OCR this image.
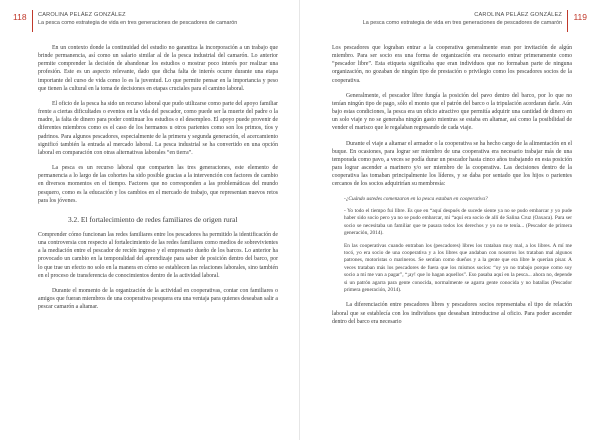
118 CAROLINA PELÁEZ GONZÁLEZ
La pesca como estrategia de vida en tres generaciones de pescadores de camarón

En un contexto donde la continuidad del estudio no garantiza la incorporación a un trabajo que brinde permanencia, así como un salario similar al de la pesca industrial del camarón. Lo anterior permite comprender la decisión de abandonar los estudios o mostrar poco interés por realizar una profesión. Este es un aspecto relevante, dado que dicha falta de interés ocurre durante una etapa importante del curso de vida como lo es la juventud. Lo que permite pensar en la importancia y peso que tienen la cultural en la toma de decisiones en etapas cruciales para el camino laboral.

El oficio de la pesca ha sido un recurso laboral que pudo utilizarse como parte del apoyo familiar frente a ciertas dificultades o eventos en la vida del pescador, como puede ser la muerte del padre o la madre, la falta de dinero para poder continuar los estudios o el desempleo. El apoyo puede provenir de diferentes miembros como es el caso de los hermanos u otros parientes como son los primos, tíos y padrinos. Para algunos pescadores, especialmente de la primera y segunda generación, el acercamiento significó también la entrada al mercado laboral. La pesca industrial se ha convertido en una opción laboral en comparación con otras alternativas laborales “en tierra”.

La pesca es un recurso laboral que comparten las tres generaciones, este elemento de permanencia a lo largo de las cohortes ha sido posible gracias a la intervención con factores de cambio en diversos momentos en el tiempo. Factores que no corresponden a las problemáticas del mundo pesquero, como es la educación y los cambios en el mercado de trabajo, que representan nuevos retos para los jóvenes.

3.2. El fortalecimiento de redes familiares de origen rural

Comprender cómo funcionan las redes familiares entre los pescadores ha permitido la identificación de una controversia con respecto al fortalecimiento de las redes familiares como medios de sobrevivientes a la mediación entre el pescador de recién ingreso y el empresario dueño de los barcos. Lo anterior ha provocado un cambio en la temporalidad del aprendizaje para saber de posición dentro del barco, por lo que trae un efecto no solo en la manera en cómo se establecen las relaciones laborales, sino también en el proceso de transferencia de conocimientos dentro de la actividad laboral.

Durante el momento de la organización de la actividad en cooperativas, contar con familiares o amigos que fueran miembros de una cooperativa pesquera era una ventaja para quienes deseaban salir a pescar camarón a altamar.

119
CAROLINA PELÁEZ GONZÁLEZ
La pesca como estrategia de vida en tres generaciones de pescadores de camarón

Los pescadores que lograban entrar a la cooperativa generalmente eran por invitación de algún miembro. Para ser socio era una forma de organización era necesario entrar primeramente como “pescador libre”. Esta etiqueta significaba que eran individuos que no formaban parte de ninguna organización, no gozaban de ningún tipo de prestación o privilegio como los pescadores socios de la cooperativa.

Generalmente, el pescador libre fungía la posición del pavo dentro del barco, por lo que no tenían ningún tipo de pago, sólo el monto que el patrón del barco o la tripulación acordaran darle. Aún bajo estas condiciones, la pesca era un oficio atractivo que permitía adquirir una cantidad de dinero en un solo viaje y no se generaba ningún gasto mientras se estaba en altamar, así como la posibilidad de vender el marisco que le regalaban regresando de cada viaje.

Durante el viaje a altamar el armador o la cooperativa se ha hecho cargo de la alimentación en el buque. En ocasiones, para lograr ser miembro de una cooperativa era necesario trabajar más de una temporada como pavo, a veces se podía durar un pescador hasta cinco años trabajando en esta posición para lograr ascender a marinero y/o ser miembro de la cooperativa. Las decisiones dentro de la cooperativa las tomaban principalmente los líderes, y se daba por sentado que los hijos o parientes cercanos de los socios adquirirían su membresía:

-¿Cuándo ustedes comenzaron en la pesca estaban en cooperativa?

- Yo todo el tiempo fui libre. Es que en “aquí después de sucede siente ya no se pudo embarcar y yo pude haber sido socio pero ya no se pudo embarcar, mi “aquí era socio de allí de Salina Cruz (Oaxaca). Para ser socio se necesitaba un familiar que te pasara todos los derechos y yo no te tenía... (Pescador de primera generación, 2014).

En las cooperativas cuando entraban los (pescadores) libres los trataban muy mal, a los libres. A mí me tocó, yo era socio de una cooperativa y a los libres que andaban con nosotros los trataban mal algunos patrones, motoristas o marineros. Se sentían como dueños y a la gente que era libre le querían pisar. A veces trataban más los pescadores de fuera que los mismos socios: “oy yo no trabajo porque como soy socio a mí me van a pagar”, “¡ay! que lo hagan aquellos”. Eso pasaba aquí en la pesca... ahora no, depende si un patrón agarra para gente conocida, normalmente se agarra gente conocida y no batallas (Pescador primera generación, 2014).

La diferenciación entre pescadores libres y pescadores socios representaba el tipo de relación laboral que se establecía con los individuos que deseaban introducirse al oficio. Para poder ascender dentro del barco era necesario
